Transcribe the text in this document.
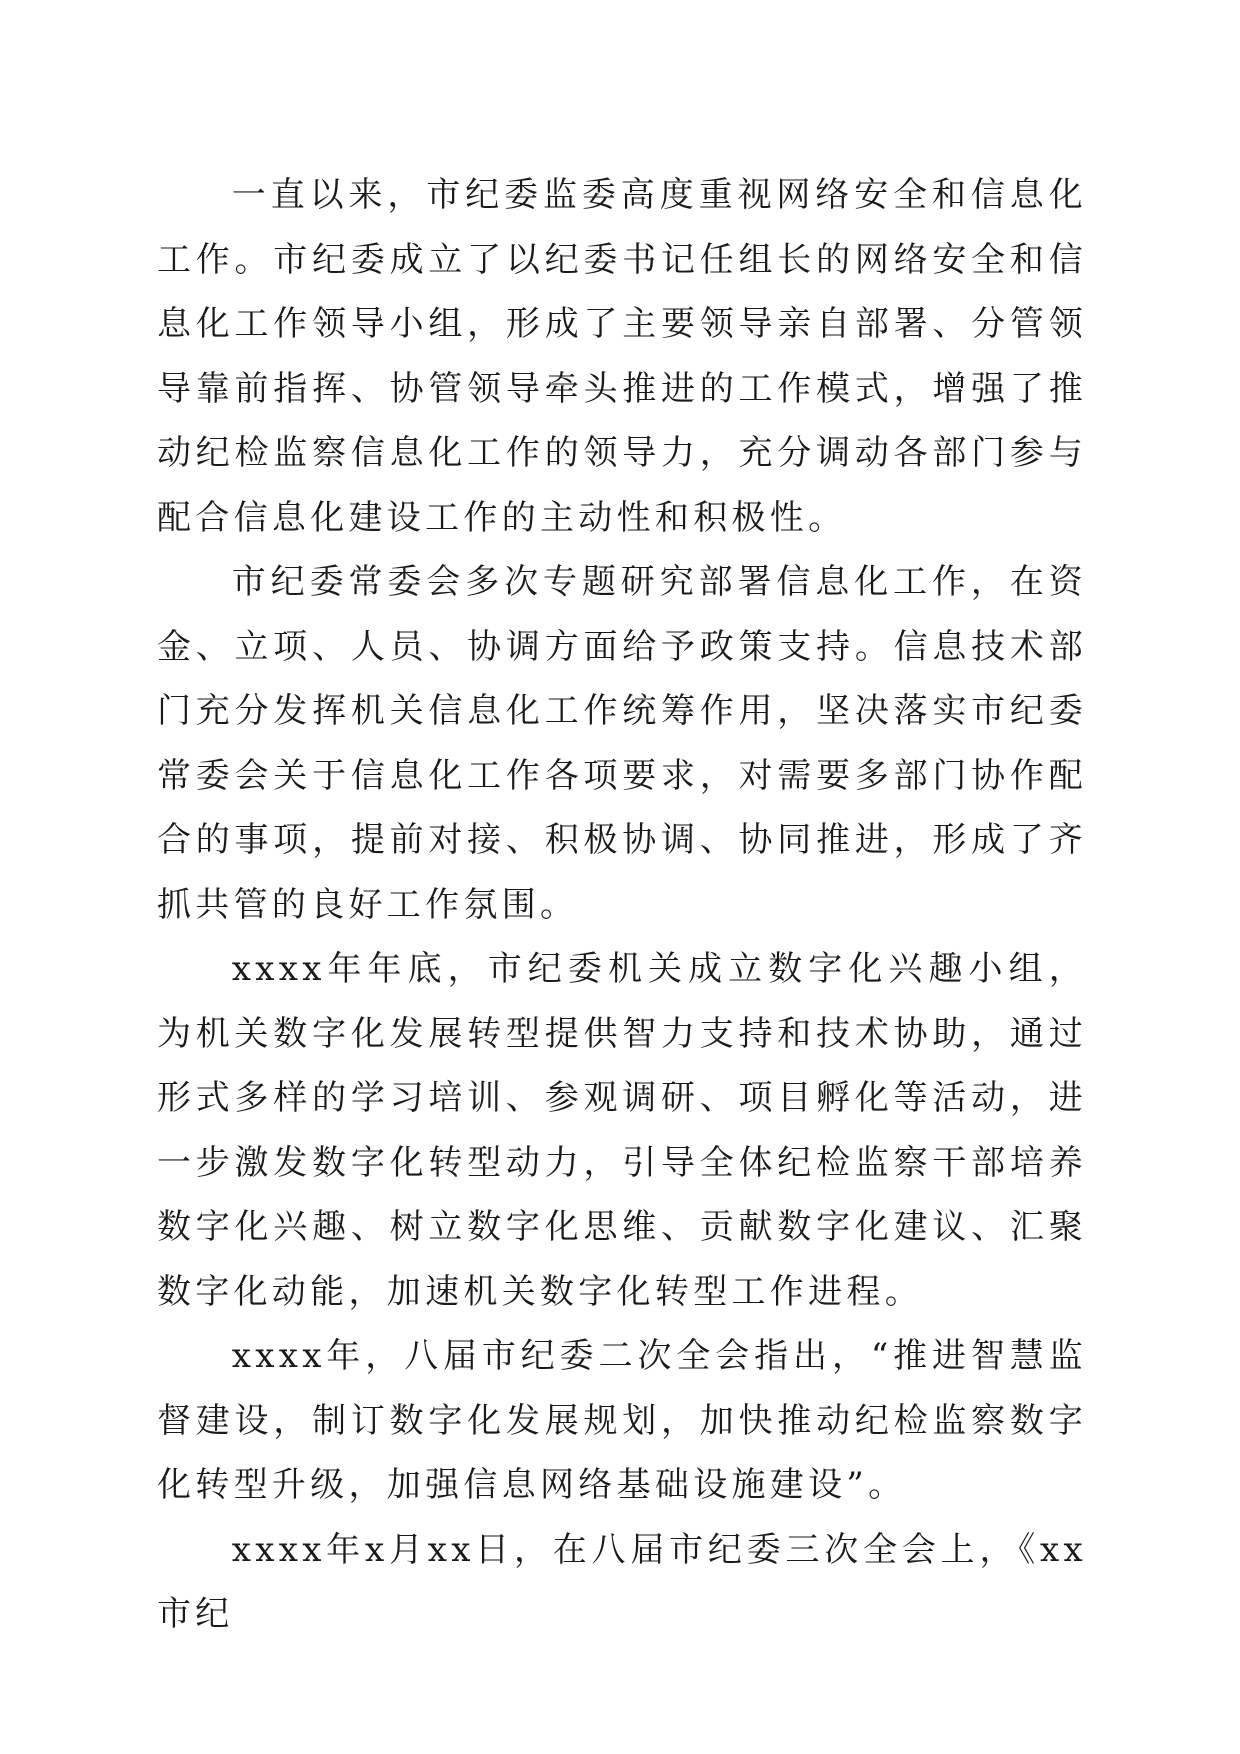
一直以来，市纪委监委高度重视网络安全和信息化工作。市纪委成立了以纪委书记任组长的网络安全和信息化工作领导小组，形成了主要领导亲自部署、分管领导靠前指挥、协管领导牵头推进的工作模式，增强了推动纪检监察信息化工作的领导力，充分调动各部门参与配合信息化建设工作的主动性和积极性。

市纪委常委会多次专题研究部署信息化工作，在资金、立项、人员、协调方面给予政策支持。信息技术部门充分发挥机关信息化工作统筹作用，坚决落实市纪委常委会关于信息化工作各项要求，对需要多部门协作配合的事项，提前对接、积极协调、协同推进，形成了齐抓共管的良好工作氛围。

xxxx年年底，市纪委机关成立数字化兴趣小组，为机关数字化发展转型提供智力支持和技术协助，通过形式多样的学习培训、参观调研、项目孵化等活动，进一步激发数字化转型动力，引导全体纪检监察干部培养数字化兴趣、树立数字化思维、贡献数字化建议、汇聚数字化动能，加速机关数字化转型工作进程。

xxxx年，八届市纪委二次全会指出，“推进智慧监督建设，制订数字化发展规划，加快推动纪检监察数字化转型升级，加强信息网络基础设施建设”。

xxxx年x月xx日，在八届市纪委三次全会上，《xx市纪
